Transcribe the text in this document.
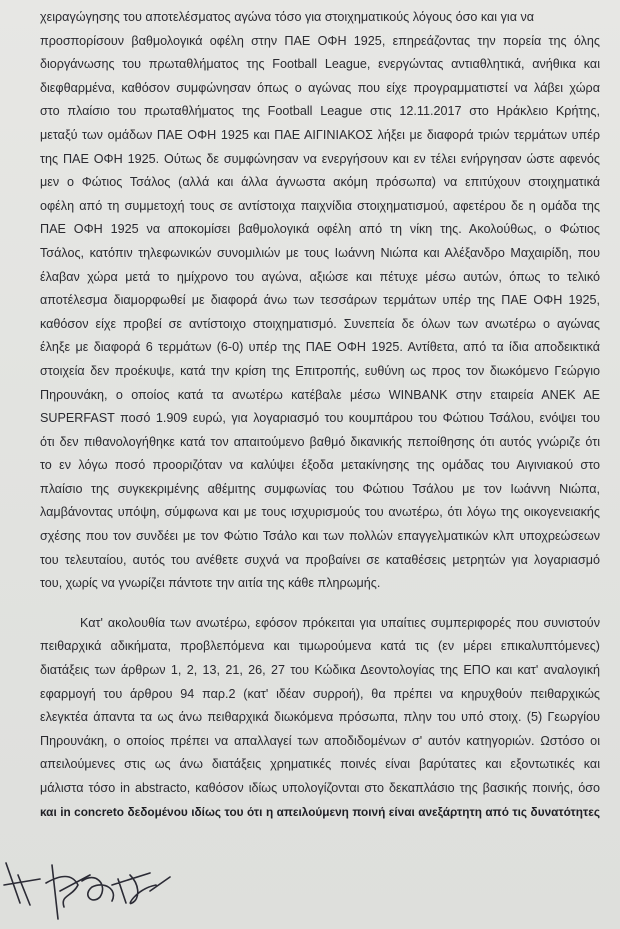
χειραγώγησης του αποτελέσματος αγώνα τόσο για στοιχηματικούς λόγους όσο και για να
προσπορίσουν βαθμολογικά οφέλη στην ΠΑΕ ΟΦΗ 1925, επηρεάζοντας την πορεία της όλης
διοργάνωσης του πρωταθλήματος της Football League, ενεργώντας αντιαθλητικά, ανήθικα και
διεφθαρμένα, καθόσον συμφώνησαν όπως ο αγώνας που είχε προγραμματιστεί να λάβει χώρα
στο πλαίσιο του πρωταθλήματος της Football League στις 12.11.2017 στο Ηράκλειο Κρήτης,
μεταξύ των ομάδων ΠΑΕ ΟΦΗ 1925 και ΠΑΕ ΑΙΓΙΝΙΑΚΟΣ λήξει με διαφορά τριών τερμάτων υπέρ
της ΠΑΕ ΟΦΗ 1925. Ούτως δε συμφώνησαν να ενεργήσουν και εν τέλει ενήργησαν ώστε αφενός
μεν ο Φώτιος Τσάλος (αλλά και άλλα άγνωστα ακόμη πρόσωπα) να επιτύχουν στοιχηματικά
οφέλη από τη συμμετοχή τους σε αντίστοιχα παιχνίδια στοιχηματισμού, αφετέρου δε η ομάδα της
ΠΑΕ ΟΦΗ 1925 να αποκομίσει βαθμολογικά οφέλη από τη νίκη της. Ακολούθως, ο Φώτιος
Τσάλος, κατόπιν τηλεφωνικών συνομιλιών με τους Ιωάννη Νιώπα και Αλέξανδρο Μαχαιρίδη, που
έλαβαν χώρα μετά το ημίχρονο του αγώνα, αξιώσε και πέτυχε μέσω αυτών, όπως το τελικό
αποτέλεσμα διαμορφωθεί με διαφορά άνω των τεσσάρων τερμάτων υπέρ της ΠΑΕ ΟΦΗ 1925,
καθόσον είχε προβεί σε αντίστοιχο στοιχηματισμό. Συνεπεία δε όλων των ανωτέρω ο αγώνας
έληξε με διαφορά 6 τερμάτων (6-0) υπέρ της ΠΑΕ ΟΦΗ 1925. Αντίθετα, από τα ίδια αποδεικτικά
στοιχεία δεν προέκυψε, κατά την κρίση της Επιτροπής, ευθύνη ως προς τον διωκόμενο Γεώργιο
Πηρουνάκη, ο οποίος κατά τα ανωτέρω κατέβαλε μέσω WINBANK στην εταιρεία ΑΝΕΚ ΑΕ
SUPERFAST ποσό 1.909 ευρώ, για λογαριασμό του κουμπάρου του Φώτιου Τσάλου, ενόψει του
ότι δεν πιθανολογήθηκε κατά τον απαιτούμενο βαθμό δικανικής πεποίθησης ότι αυτός γνώριζε ότι
το εν λόγω ποσό προοριζόταν να καλύψει έξοδα μετακίνησης της ομάδας του Αιγινιακού στο
πλαίσιο της συγκεκριμένης αθέμιτης συμφωνίας του Φώτιου Τσάλου με τον Ιωάννη Νιώπα,
λαμβάνοντας υπόψη, σύμφωνα και με τους ισχυρισμούς του ανωτέρω, ότι λόγω της οικογενειακής
σχέσης που τον συνδέει με τον Φώτιο Τσάλο και των πολλών επαγγελματικών κλπ υποχρεώσεων
του τελευταίου, αυτός του ανέθετε συχνά να προβαίνει σε καταθέσεις μετρητών για λογαριασμό
του, χωρίς να γνωρίζει πάντοτε την αιτία της κάθε πληρωμής.

Κατ' ακολουθία των ανωτέρω, εφόσον πρόκειται για υπαίτιες συμπεριφορές που συνιστούν
πειθαρχικά αδικήματα, προβλεπόμενα και τιμωρούμενα κατά τις (εν μέρει επικαλυπτόμενες)
διατάξεις των άρθρων 1, 2, 13, 21, 26, 27 του Κώδικα Δεοντολογίας της ΕΠΟ και κατ' αναλογική
εφαρμογή του άρθρου 94 παρ.2 (κατ' ιδέαν συρροή), θα πρέπει να κηρυχθούν πειθαρχικώς
ελεγκτέα άπαντα τα ως άνω πειθαρχικά διωκόμενα πρόσωπα, πλην του υπό στοιχ. (5) Γεωργίου
Πηρουνάκη, ο οποίος πρέπει να απαλλαγεί των αποδιδομένων σ' αυτόν κατηγοριών. Ωστόσο οι
απειλούμενες στις ως άνω διατάξεις χρηματικές ποινές είναι βαρύτατες και εξοντωτικές και
μάλιστα τόσο in abstracto, καθόσον ιδίως υπολογίζονται στο δεκαπλάσιο της βασικής ποινής, όσο
και in concreto δεδομένου ιδίως του ότι η απειλούμενη ποινή είναι ανεξάρτητη από τις δυνατότητες
